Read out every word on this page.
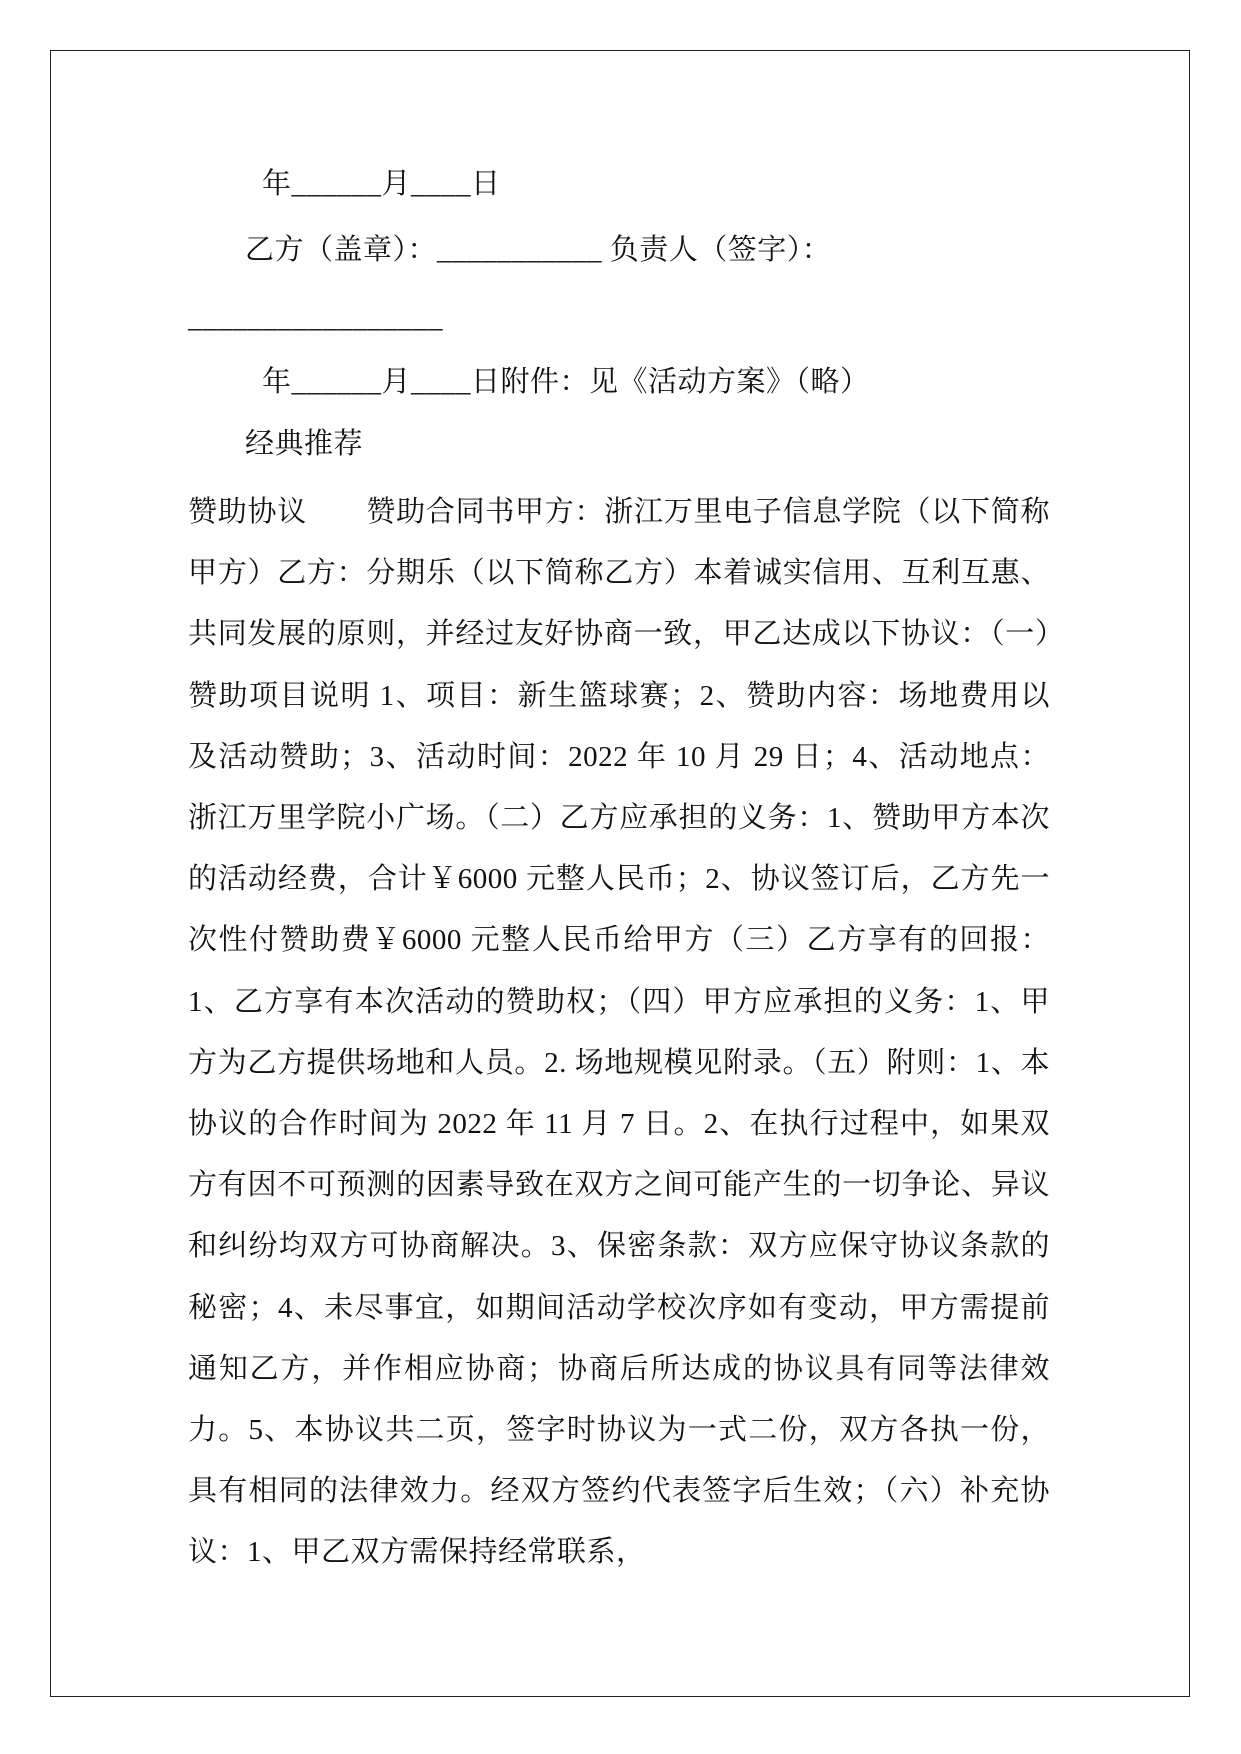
年______月____日
乙方（盖章）：___________ 负责人（签字）：
_________________
年______月____日附件：见《活动方案》（略）
经典推荐
赞助协议　　赞助合同书甲方：浙江万里电子信息学院（以下简称甲方）乙方：分期乐（以下简称乙方）本着诚实信用、互利互惠、共同发展的原则，并经过友好协商一致，甲乙达成以下协议：（一）赞助项目说明 1、项目：新生篮球赛；2、赞助内容：场地费用以及活动赞助；3、活动时间：2022 年 10 月 29 日；4、活动地点：浙江万里学院小广场。（二）乙方应承担的义务：1、赞助甲方本次的活动经费，合计￥6000 元整人民币；2、协议签订后，乙方先一次性付赞助费￥6000 元整人民币给甲方（三）乙方享有的回报：1、乙方享有本次活动的赞助权；（四）甲方应承担的义务：1、甲方为乙方提供场地和人员。2. 场地规模见附录。（五）附则：1、本协议的合作时间为 2022 年 11 月 7 日。2、在执行过程中，如果双方有因不可预测的因素导致在双方之间可能产生的一切争论、异议和纠纷均双方可协商解决。3、保密条款：双方应保守协议条款的秘密；4、未尽事宜，如期间活动学校次序如有变动，甲方需提前通知乙方，并作相应协商；协商后所达成的协议具有同等法律效力。5、本协议共二页，签字时协议为一式二份，双方各执一份，具有相同的法律效力。经双方签约代表签字后生效；（六）补充协议：1、甲乙双方需保持经常联系，
